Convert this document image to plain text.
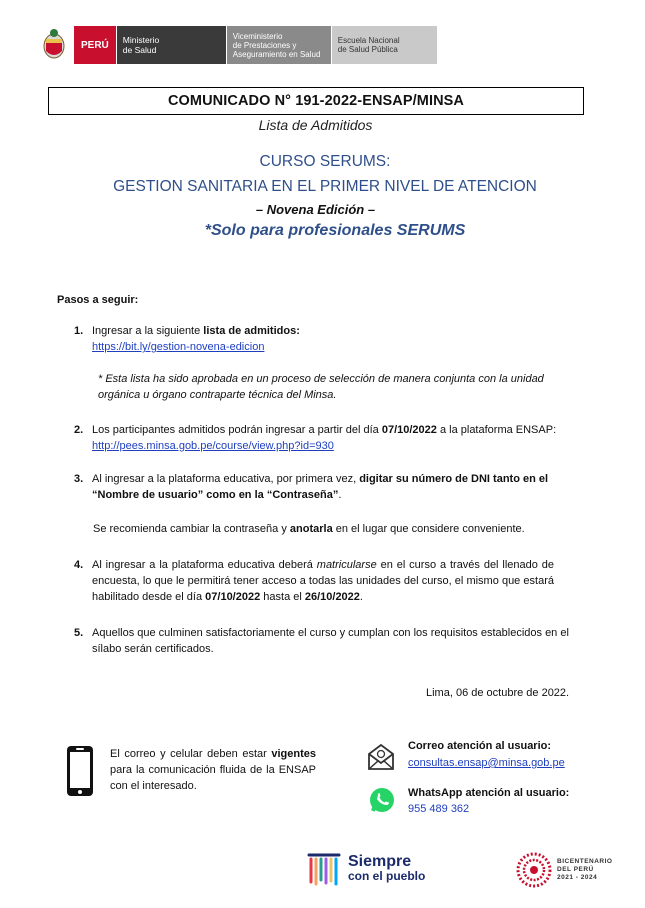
PERÚ Ministerio
de Salud
Viceministerio
de Prestaciones y
Aseguramiento en Salud
Escuela Nacional
de Salud Pública
COMUNICADO N° 191-2022-ENSAP/MINSA
Lista de Admitidos
CURSO SERUMS:
GESTION SANITARIA EN EL PRIMER NIVEL DE ATENCION
– Novena Edición –
*Solo para profesionales SERUMS
Pasos a seguir:
1. Ingresar a la siguiente lista de admitidos:
https://bit.ly/gestion-novena-edicion
* Esta lista ha sido aprobada en un proceso de selección de manera conjunta con la unidad orgánica u órgano contraparte técnica del Minsa.
2. Los participantes admitidos podrán ingresar a partir del día 07/10/2022 a la plataforma ENSAP:
http://pees.minsa.gob.pe/course/view.php?id=930
3. Al ingresar a la plataforma educativa, por primera vez, digitar su número de DNI tanto en el “Nombre de usuario” como en la “Contraseña”.
Se recomienda cambiar la contraseña y anotarla en el lugar que considere conveniente.
4. Al ingresar a la plataforma educativa deberá matricularse en el curso a través del llenado de encuesta, lo que le permitirá tener acceso a todas las unidades del curso, el mismo que estará habilitado desde el día 07/10/2022 hasta el 26/10/2022.
5. Aquellos que culminen satisfactoriamente el curso y cumplan con los requisitos establecidos en el sílabo serán certificados.
Lima, 06 de octubre de 2022.
El correo y celular deben estar vigentes para la comunicación fluida de la ENSAP con el interesado.
Correo atención al usuario:
consultas.ensap@minsa.gob.pe
WhatsApp atención al usuario:
955 489 362
Siempre
con el pueblo
BICENTENARIO
DEL PERÚ
2021 - 2024
